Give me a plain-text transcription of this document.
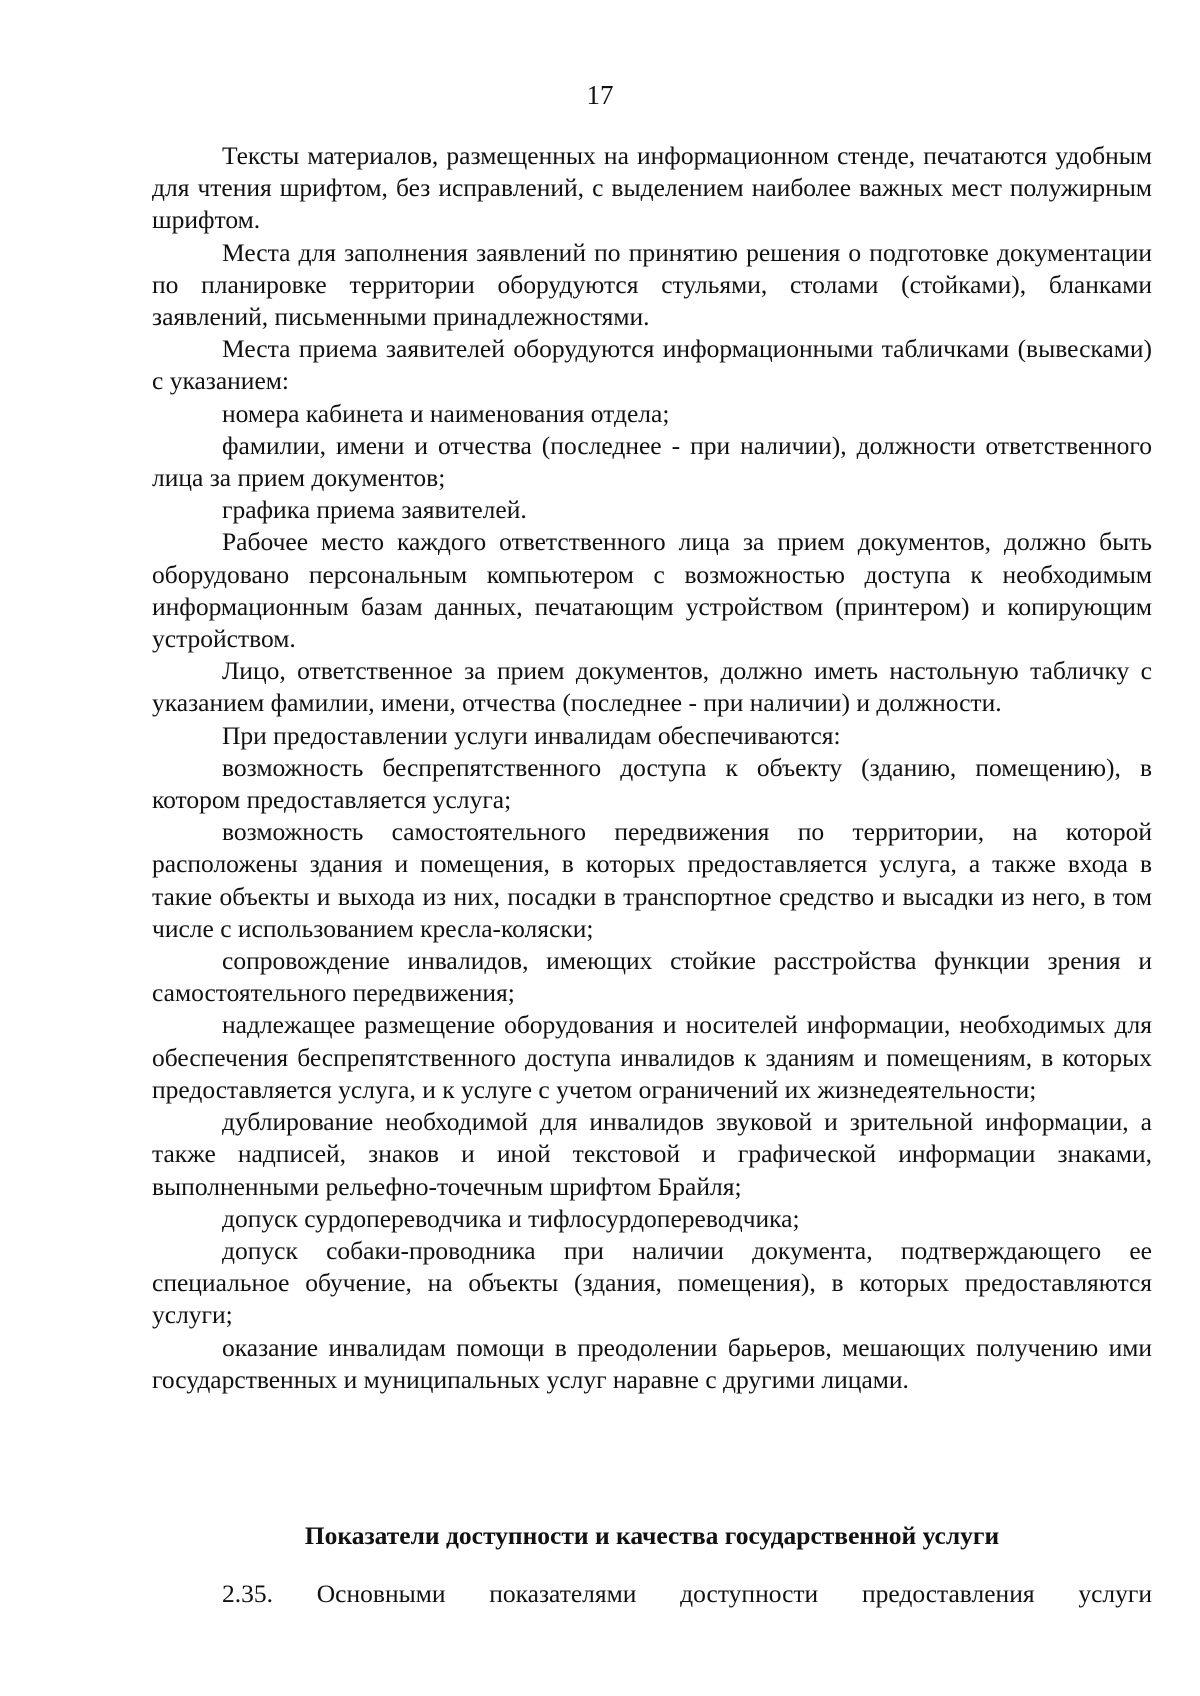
17

Тексты материалов, размещенных на информационном стенде, печатаются удобным для чтения шрифтом, без исправлений, с выделением наиболее важных мест полужирным шрифтом.

Места для заполнения заявлений по принятию решения о подготовке документации по планировке территории оборудуются стульями, столами (стойками), бланками заявлений, письменными принадлежностями.

Места приема заявителей оборудуются информационными табличками (вывесками) с указанием:

номера кабинета и наименования отдела;

фамилии, имени и отчества (последнее - при наличии), должности ответственного лица за прием документов;

графика приема заявителей.

Рабочее место каждого ответственного лица за прием документов, должно быть оборудовано персональным компьютером с возможностью доступа к необходимым информационным базам данных, печатающим устройством (принтером) и копирующим устройством.

Лицо, ответственное за прием документов, должно иметь настольную табличку с указанием фамилии, имени, отчества (последнее - при наличии) и должности.

При предоставлении услуги инвалидам обеспечиваются:

возможность беспрепятственного доступа к объекту (зданию, помещению), в котором предоставляется услуга;

возможность самостоятельного передвижения по территории, на которой расположены здания и помещения, в которых предоставляется услуга, а также входа в такие объекты и выхода из них, посадки в транспортное средство и высадки из него, в том числе с использованием кресла-коляски;

сопровождение инвалидов, имеющих стойкие расстройства функции зрения и самостоятельного передвижения;

надлежащее размещение оборудования и носителей информации, необходимых для обеспечения беспрепятственного доступа инвалидов к зданиям и помещениям, в которых предоставляется услуга, и к услуге с учетом ограничений их жизнедеятельности;

дублирование необходимой для инвалидов звуковой и зрительной информации, а также надписей, знаков и иной текстовой и графической информации знаками, выполненными рельефно-точечным шрифтом Брайля;

допуск сурдопереводчика и тифлосурдопереводчика;

допуск собаки-проводника при наличии документа, подтверждающего ее специальное обучение, на объекты (здания, помещения), в которых предоставляются услуги;

оказание инвалидам помощи в преодолении барьеров, мешающих получению ими государственных и муниципальных услуг наравне с другими лицами.

Показатели доступности и качества государственной услуги
2.35. Основными показателями доступности предоставления услуги
